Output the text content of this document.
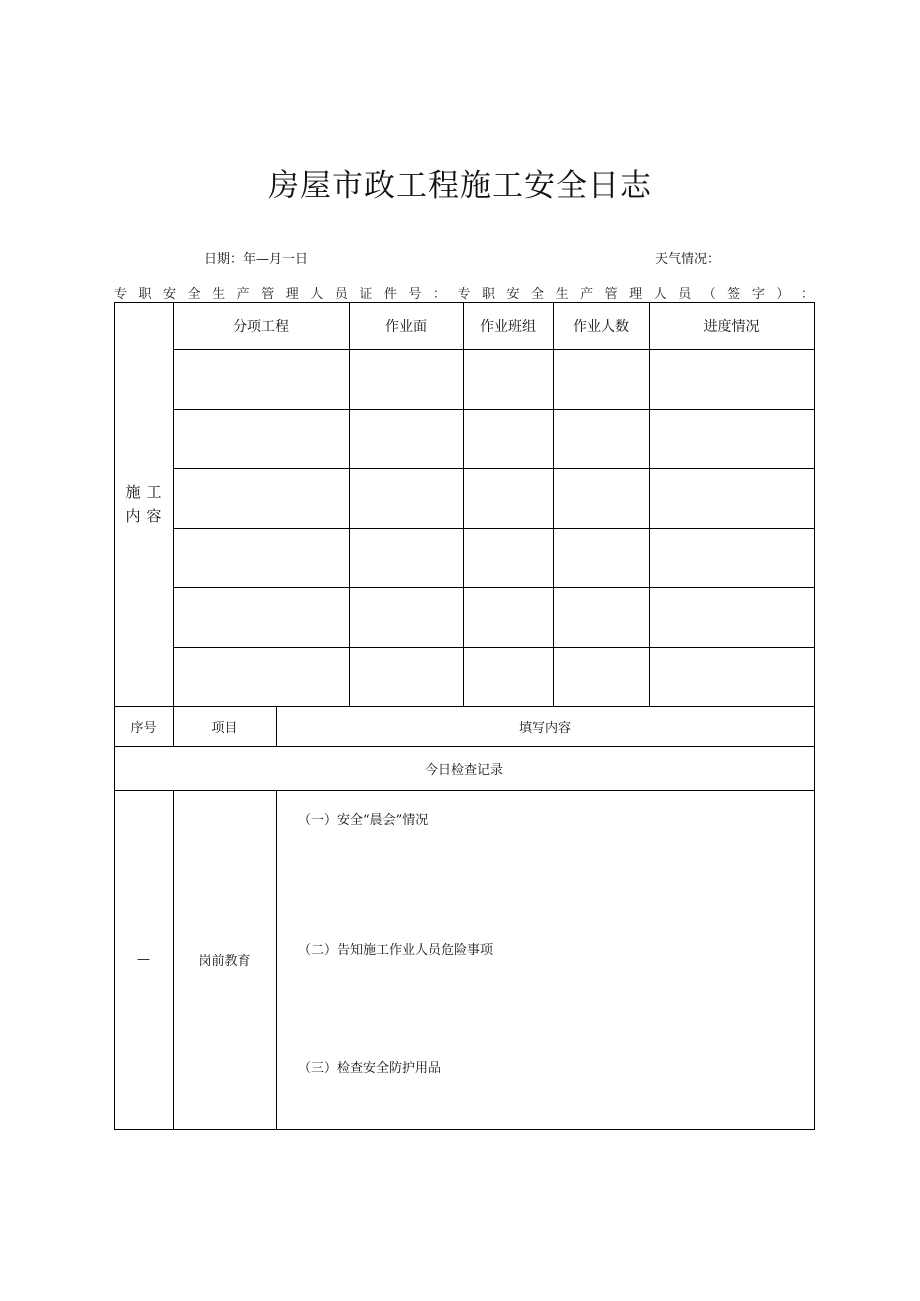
房屋市政工程施工安全日志
日期：年—月一日	天气情况：
专 职 安 全 生 产 管 理 人 员 证 件 号 ： 专 职 安 全 生 产 管 理 人 员 （ 签 字 ） ：
分项工程	作业面	作业班组	作业人数	进度情况
施工
内容
序号	项目	填写内容
今日检查记录
—	岗前教育
（一）安全“晨会”情况
（二）告知施工作业人员危险事项
（三）检查安全防护用品
